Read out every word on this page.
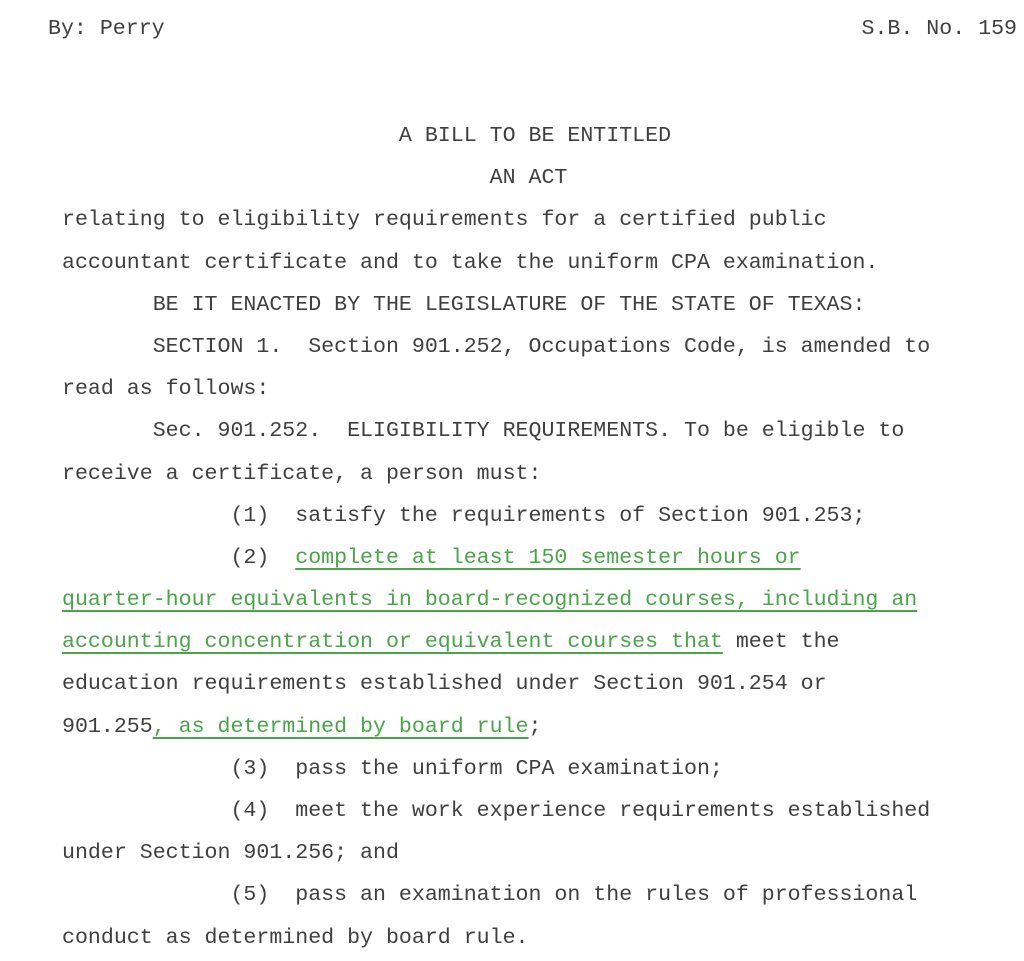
By: Perry	S.B. No. 159
A BILL TO BE ENTITLED
AN ACT
relating to eligibility requirements for a certified public
accountant certificate and to take the uniform CPA examination.
BE IT ENACTED BY THE LEGISLATURE OF THE STATE OF TEXAS:
SECTION 1.  Section 901.252, Occupations Code, is amended to
read as follows:
Sec. 901.252.  ELIGIBILITY REQUIREMENTS. To be eligible to
receive a certificate, a person must:
(1)  satisfy the requirements of Section 901.253;
(2)  complete at least 150 semester hours or
quarter-hour equivalents in board-recognized courses, including an
accounting concentration or equivalent courses that meet the
education requirements established under Section 901.254 or
901.255, as determined by board rule;
(3)  pass the uniform CPA examination;
(4)  meet the work experience requirements established
under Section 901.256; and
(5)  pass an examination on the rules of professional
conduct as determined by board rule.
